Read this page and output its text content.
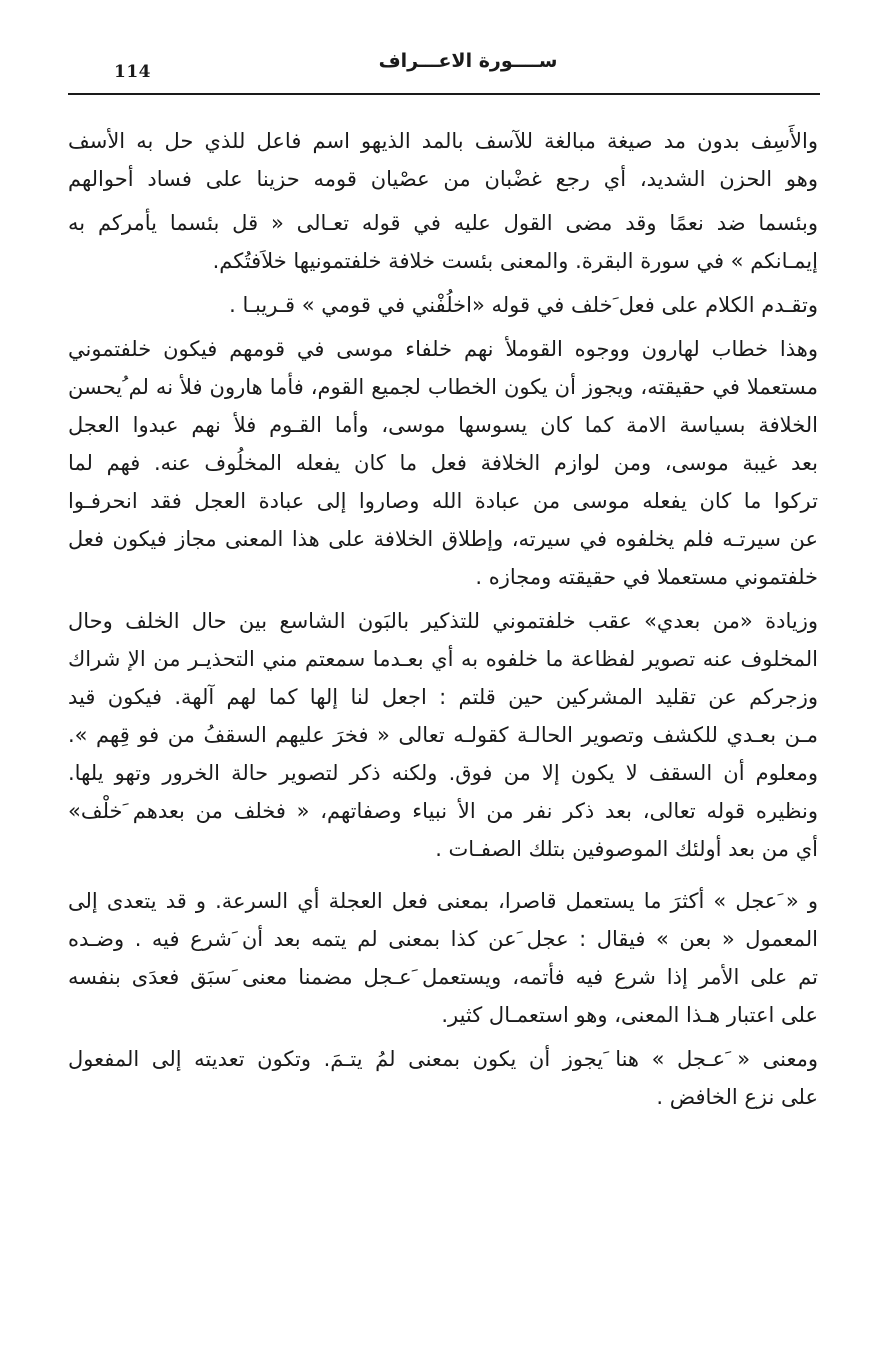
114	ســــورة الاعـــراف
والأَسِف بدون مد صيغة مبالغة للآسف بالمد الذيهو اسم فاعل للذي حل به الأسف
وهو الحزن الشديد، أي رجع غضْبان من عصْيان قومه حزينا على فساد أحوالهم
وبئسما ضد نعمًا وقد مضى القول عليه في قوله تعـالى « قل بئسما يأمركم به
إيمـانكم » في سورة البقرة. والمعنى بئست خلافة خلفتمونيها خلاَفتُكم.
وتقـدم الكلام على فعل َخلف في قوله «اخلُفْني في قومي » قـريبـا .
وهذا خطاب لهارون ووجوه القوملأ نهم خلفاء موسى في قومهم فيكون خلفتموني
مستعملا في حقيقته، ويجوز أن يكون الخطاب لجميع القوم، فأما هارون فلأ نه لم ُيحسن
الخلافة بسياسة الامة كما كان يسوسها موسى، وأما القـوم فلأ نهم عبدوا العجل
بعد غيبة موسى، ومن لوازم الخلافة فعل ما كان يفعله المخلُوف عنه. فهم لما
تركوا ما كان يفعله موسى من عبادة الله وصاروا إلى عبادة العجل فقد انحرفـوا
عن سيرتـه فلم يخلفوه في سيرته، وإطلاق الخلافة على هذا المعنى مجاز فيكون فعل
خلفتموني مستعملا في حقيقته ومجازه .
وزيادة «من بعدي» عقب خلفتموني للتذكير بالبَون الشاسع بين حال الخلف وحال
المخلوف عنه تصوير لفظاعة ما خلفوه به أي بعـدما سمعتم مني التحذيـر من الإ شراك
وزجركم عن تقليد المشركين حين قلتم : اجعل لنا إلها كما لهم آلهة. فيكون قيد
مـن بعـدي للكشف وتصوير الحالـة كقولـه تعالى « فخرَ عليهم السقفُ من فو قِهم ».
ومعلوم أن السقف لا يكون إلا من فوق. ولكنه ذكر لتصوير حالة الخرور وتهو يلها.
ونظيره قوله تعالى، بعد ذكر نفر من الأ نبياء وصفاتهم، « فخلف من بعدهم َخلْف»
أي من بعد أولئك الموصوفين بتلك الصفـات .
و « َعجل » أكثرَ ما يستعمل قاصرا، بمعنى فعل العجلة أي السرعة. و قد يتعدى إلى
المعمول « بعن » فيقال : عجل َعن كذا بمعنى لم يتمه بعد أن َشرع فيه . وضـده
َتم على الأمر إذا شرع فيه فأتمه، ويستعمل َعـجل مضمنا معنى َسبَق فعدَى بنفسه
على اعتبار هـذا المعنى، وهو استعمـال كثير.
ومعنى « َعـجل » هنا َيجوز أن يكون بمعنى لمُ يتـمَ. وتكون تعديته إلى المفعول
على نزع الخافض .
